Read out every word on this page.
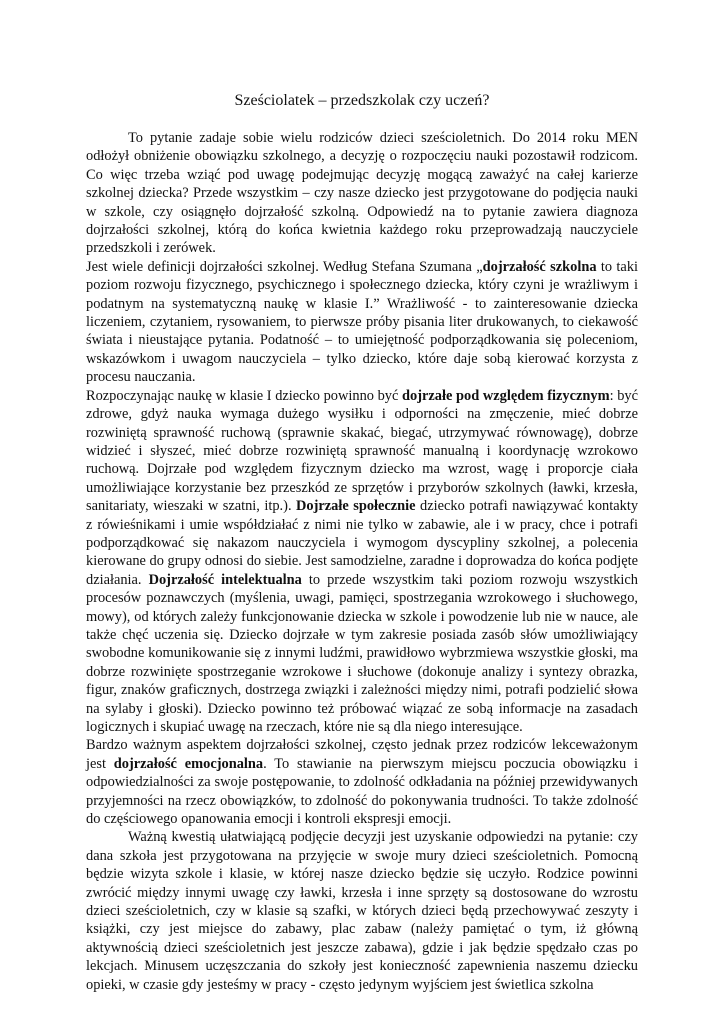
Sześciolatek – przedszkolak czy uczeń?

To pytanie zadaje sobie wielu rodziców dzieci sześcioletnich. Do 2014 roku MEN odłożył obniżenie obowiązku szkolnego, a decyzję o rozpoczęciu nauki pozostawił rodzicom. Co więc trzeba wziąć pod uwagę podejmując decyzję mogącą zaważyć na całej karierze szkolnej dziecka? Przede wszystkim – czy nasze dziecko jest przygotowane do podjęcia nauki w szkole, czy osiągnęło dojrzałość szkolną. Odpowiedź na to pytanie zawiera diagnoza dojrzałości szkolnej, którą do końca kwietnia każdego roku przeprowadzają nauczyciele przedszkoli i zerówek.

Jest wiele definicji dojrzałości szkolnej. Według Stefana Szumana „dojrzałość szkolna to taki poziom rozwoju fizycznego, psychicznego i społecznego dziecka, który czyni je wrażliwym i podatnym na systematyczną naukę w klasie I.” Wrażliwość - to zainteresowanie dziecka liczeniem, czytaniem, rysowaniem, to pierwsze próby pisania liter drukowanych, to ciekawość świata i nieustające pytania. Podatność – to umiejętność podporządkowania się poleceniom, wskazówkom i uwagom nauczyciela – tylko dziecko, które daje sobą kierować korzysta z procesu nauczania.

Rozpoczynając naukę w klasie I dziecko powinno być dojrzałe pod względem fizycznym: być zdrowe, gdyż nauka wymaga dużego wysiłku i odporności na zmęczenie, mieć dobrze rozwiniętą sprawność ruchową (sprawnie skakać, biegać, utrzymywać równowagę), dobrze widzieć i słyszeć, mieć dobrze rozwiniętą sprawność manualną i koordynację wzrokowo ruchową. Dojrzałe pod względem fizycznym dziecko ma wzrost, wagę i proporcje ciała umożliwiające korzystanie bez przeszkód ze sprzętów i przyborów szkolnych (ławki, krzesła, sanitariaty, wieszaki w szatni, itp.). Dojrzałe społecznie dziecko potrafi nawiązywać kontakty z rówieśnikami i umie współdziałać z nimi nie tylko w zabawie, ale i w pracy, chce i potrafi podporządkować się nakazom nauczyciela i wymogom dyscypliny szkolnej, a polecenia kierowane do grupy odnosi do siebie. Jest samodzielne, zaradne i doprowadza do końca podjęte działania. Dojrzałość intelektualna to przede wszystkim taki poziom rozwoju wszystkich procesów poznawczych (myślenia, uwagi, pamięci, spostrzegania wzrokowego i słuchowego, mowy), od których zależy funkcjonowanie dziecka w szkole i powodzenie lub nie w nauce, ale także chęć uczenia się. Dziecko dojrzałe w tym zakresie posiada zasób słów umożliwiający swobodne komunikowanie się z innymi ludźmi, prawidłowo wybrzmiewa wszystkie głoski, ma dobrze rozwinięte spostrzeganie wzrokowe i słuchowe (dokonuje analizy i syntezy obrazka, figur, znaków graficznych, dostrzega związki i zależności między nimi, potrafi podzielić słowa na sylaby i głoski). Dziecko powinno też próbować wiązać ze sobą informacje na zasadach logicznych i skupiać uwagę na rzeczach, które nie są dla niego interesujące.

Bardzo ważnym aspektem dojrzałości szkolnej, często jednak przez rodziców lekceważonym jest dojrzałość emocjonalna. To stawianie na pierwszym miejscu poczucia obowiązku i odpowiedzialności za swoje postępowanie, to zdolność odkładania na później przewidywanych przyjemności na rzecz obowiązków, to zdolność do pokonywania trudności. To także zdolność do częściowego opanowania emocji i kontroli ekspresji emocji.

Ważną kwestią ułatwiającą podjęcie decyzji jest uzyskanie odpowiedzi na pytanie: czy dana szkoła jest przygotowana na przyjęcie w swoje mury dzieci sześcioletnich. Pomocną będzie wizyta szkole i klasie, w której nasze dziecko będzie się uczyło. Rodzice powinni zwrócić między innymi uwagę czy ławki, krzesła i inne sprzęty są dostosowane do wzrostu dzieci sześcioletnich, czy w klasie są szafki, w których dzieci będą przechowywać zeszyty i książki, czy jest miejsce do zabawy, plac zabaw (należy pamiętać o tym, iż główną aktywnością dzieci sześcioletnich jest jeszcze zabawa), gdzie i jak będzie spędzało czas po lekcjach. Minusem uczęszczania do szkoły jest konieczność zapewnienia naszemu dziecku opieki, w czasie gdy jesteśmy w pracy - często jedynym wyjściem jest świetlica szkolna
